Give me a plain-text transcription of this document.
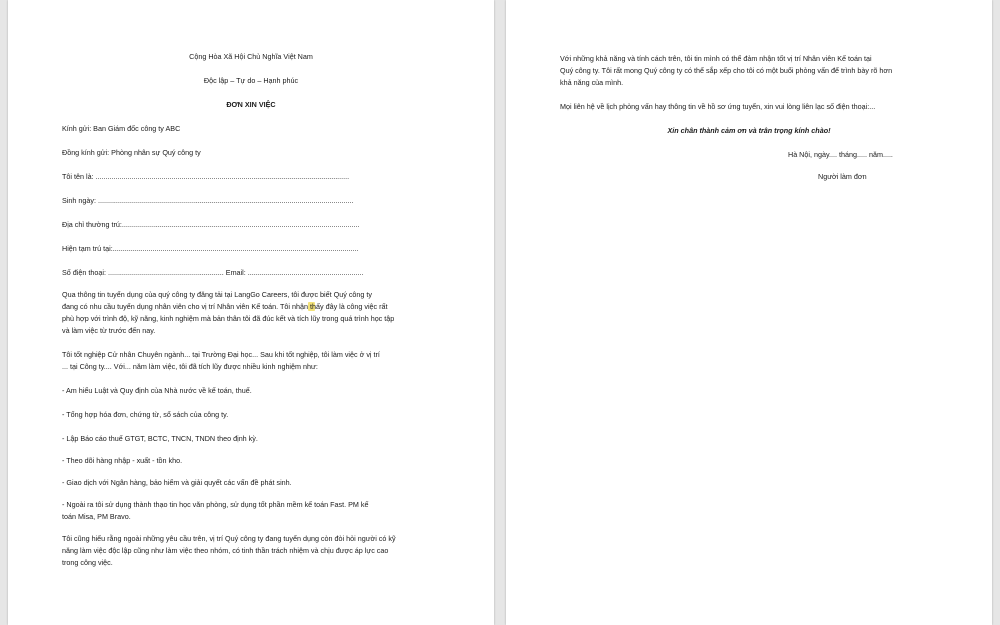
Cộng Hòa Xã Hội Chủ Nghĩa Việt Nam

Độc lập – Tự do – Hạnh phúc

ĐƠN XIN VIỆC

Kính gửi: Ban Giám đốc công ty ABC

Đồng kính gửi: Phòng nhân sự Quý công ty

Tôi tên là: ...............................................................................................................................

Sinh ngày: ................................................................................................................................

Địa chỉ thường trú:.......................................................................................................................

Hiện tạm trú tại:...........................................................................................................................

Số điện thoại: .......................................................... Email: ..........................................................

Qua thông tin tuyển dụng của quý công ty đăng tải tại LangGo Careers, tôi được biết Quý công ty

đang có nhu cầu tuyển dụng nhân viên cho vị trí Nhân viên Kế toán. Tôi nhận thấy đây là công việc rất

phù hợp với trình độ, kỹ năng, kinh nghiệm mà bản thân tôi đã đúc kết và tích lũy trong quá trình học tập

và làm việc từ trước đến nay.

Tôi tốt nghiệp Cử nhân Chuyên ngành... tại Trường Đại học... Sau khi tốt nghiệp, tôi làm việc ở vị trí

... tại Công ty.... Với... năm làm việc, tôi đã tích lũy được nhiều kinh nghiệm như:

- Am hiểu Luật và Quy định của Nhà nước về kế toán, thuế.

- Tổng hợp hóa đơn, chứng từ, sổ sách của công ty.

- Lập Báo cáo thuế GTGT, BCTC, TNCN, TNDN theo định kỳ.

- Theo dõi hàng nhập - xuất - tồn kho.

- Giao dịch với Ngân hàng, bảo hiểm và giải quyết các vấn đề phát sinh.

- Ngoài ra tôi sử dụng thành thạo tin học văn phòng, sử dụng tốt phần mềm kế toán Fast. PM kế

toán Misa, PM Bravo.

Tôi cũng hiểu rằng ngoài những yêu cầu trên, vị trí Quý công ty đang tuyển dụng còn đòi hỏi người có kỹ

năng làm việc độc lập cũng như làm việc theo nhóm, có tinh thần trách nhiệm và chịu được áp lực cao

trong công việc.

Với những khả năng và tính cách trên, tôi tin mình có thể đảm nhận tốt vị trí Nhân viên Kế toán tại

Quý công ty. Tôi rất mong Quý công ty có thể sắp xếp cho tôi có một buổi phỏng vấn để trình bày rõ hơn

khả năng của mình.

Mọi liên hệ về lịch phỏng vấn hay thông tin về hồ sơ ứng tuyển, xin vui lòng liên lạc số điện thoại:...

Xin chân thành cảm ơn và trân trọng kính chào!

Hà Nội, ngày.... tháng..... năm.....

Người làm đơn
